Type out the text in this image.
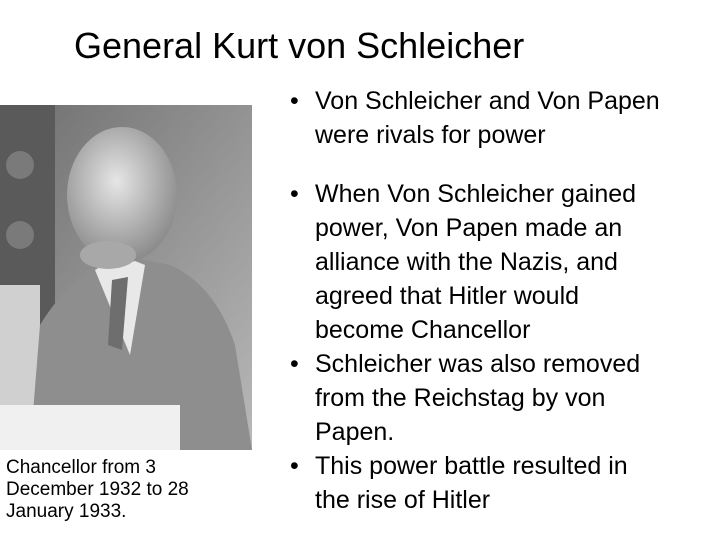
General Kurt von Schleicher
Chancellor from 3
December 1932 to 28
January 1933.
• Von Schleicher and Von Papen
were rivals for power
• When Von Schleicher gained
power, Von Papen made an
alliance with the Nazis, and
agreed that Hitler would
become Chancellor
• Schleicher was also removed
from the Reichstag by von
Papen.
• This power battle resulted in
the rise of Hitler
